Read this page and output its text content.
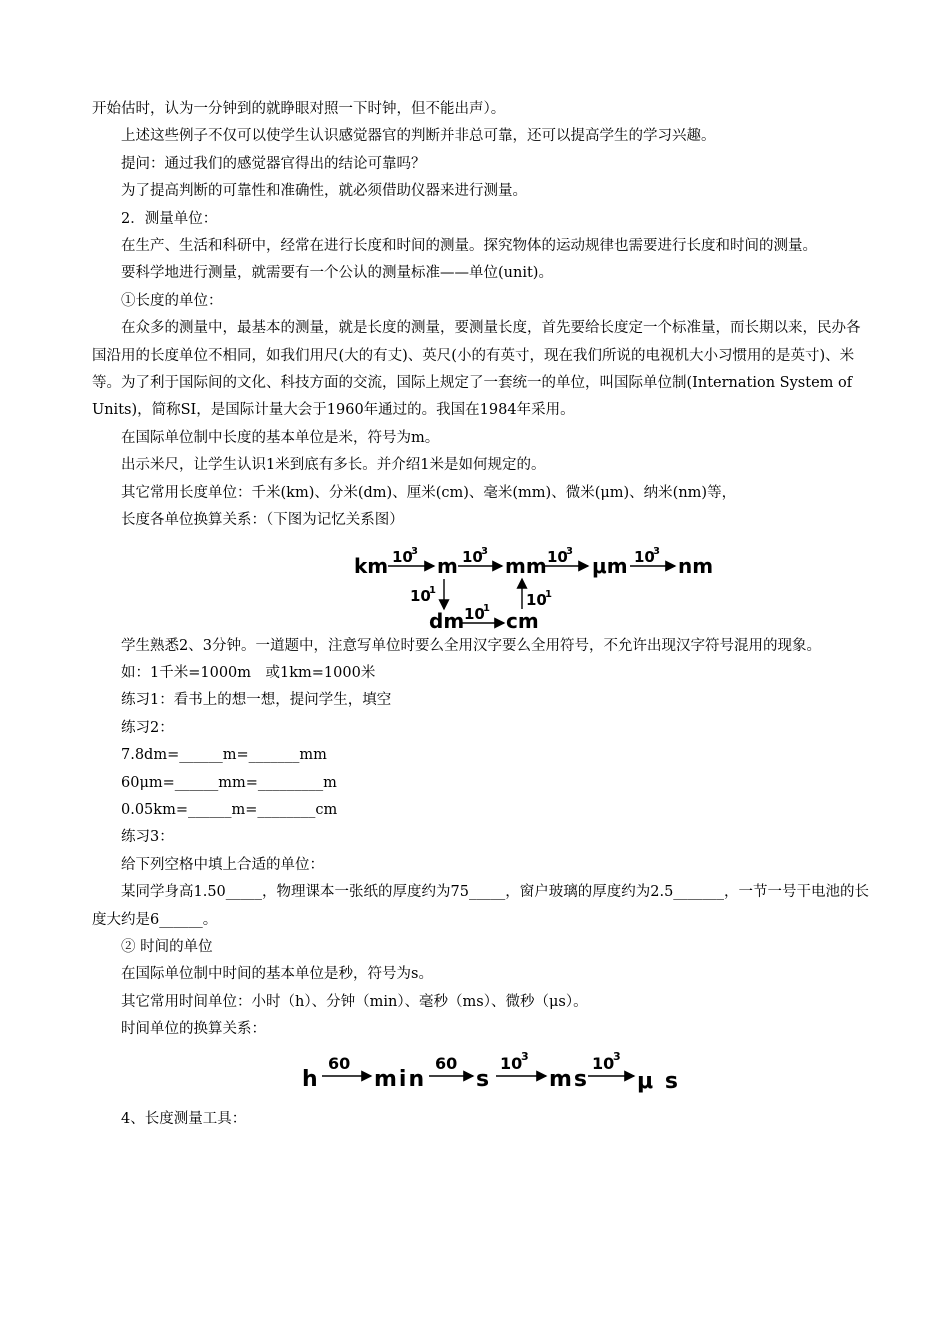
开始估时，认为一分钟到的就睁眼对照一下时钟，但不能出声）。

上述这些例子不仅可以使学生认识感觉器官的判断并非总可靠，还可以提高学生的学习兴趣。

提问：通过我们的感觉器官得出的结论可靠吗？

为了提高判断的可靠性和准确性，就必须借助仪器来进行测量。

2．测量单位：

在生产、生活和科研中，经常在进行长度和时间的测量。探究物体的运动规律也需要进行长度和时间的测量。

要科学地进行测量，就需要有一个公认的测量标准——单位(unit)。

①长度的单位：

在众多的测量中，最基本的测量，就是长度的测量，要测量长度，首先要给长度定一个标准量，而长期以来，民办各国沿用的长度单位不相同，如我们用尺(大的有丈)、英尺(小的有英寸，现在我们所说的电视机大小习惯用的是英寸)、米等。为了利于国际间的文化、科技方面的交流，国际上规定了一套统一的单位，叫国际单位制(Internation System of Units)，简称SI，是国际计量大会于1960年通过的。我国在1984年采用。

在国际单位制中长度的基本单位是米，符号为m。

出示米尺，让学生认识1米到底有多长。并介绍1米是如何规定的。

其它常用长度单位：千米(km)、分米(dm)、厘米(cm)、毫米(mm)、微米(μm)、纳米(nm)等，

长度各单位换算关系：（下图为记忆关系图）

km m mm μm	nm
dm cm
10
3	10
3	10
3	10
3
10
1
10
1 10
1

学生熟悉2、3分钟。一道题中，注意写单位时要么全用汉字要么全用符号，不允许出现汉字符号混用的现象。

如：1千米=1000m　或1km=1000米

练习1：看书上的想一想，提问学生，填空

练习2：

7.8dm=______m=_______mm

60μm=______mm=_________m

0.05km=______m=________cm

练习3：

给下列空格中填上合适的单位：

某同学身高1.50_____，物理课本一张纸的厚度约为75_____，窗户玻璃的厚度约为2.5_______，一节一号干电池的长度大约是6______。

② 时间的单位

在国际单位制中时间的基本单位是秒，符号为s。

其它常用时间单位：小时（h）、分钟（min）、毫秒（ms）、微秒（μs）。

时间单位的换算关系：

h min s	ms μ s
60	60	10
3	10
3

4、长度测量工具：
